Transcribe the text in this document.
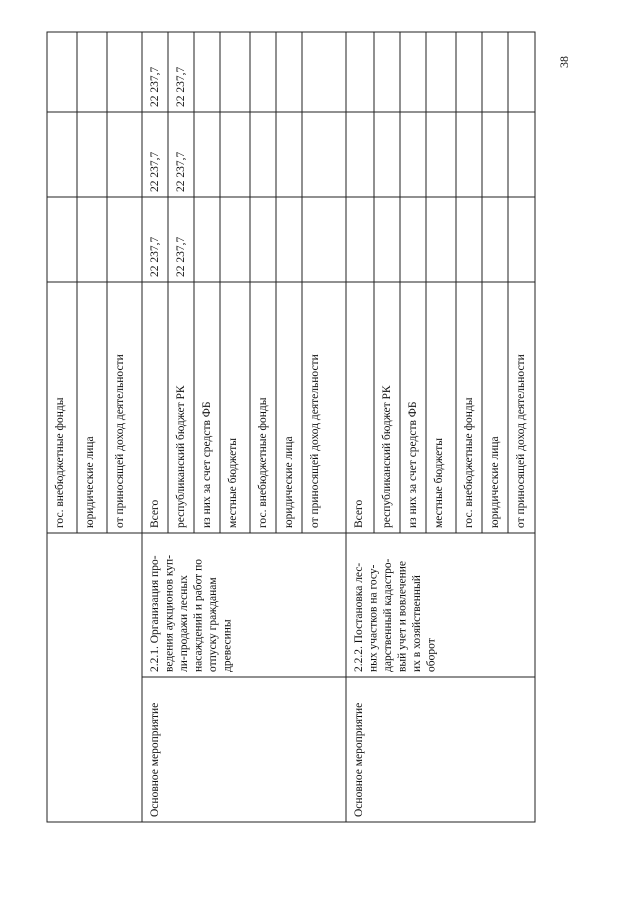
38
гос. внебюджетные фонды юридические лица от приносящей доход деятельности Всего
22 237,7
22 237,7
22 237,7
Основное мероприятие
2.2.1. Организация про- ведения аукционов куп- ли-продажи лесных насаждений и работ по отпуску гражданам древесины
республиканский бюджет РК
22 237,7
22 237,7
22 237,7
из них за счет средств ФБ местные бюджеты гос. внебюджетные фонды юридические лица от приносящей доход деятельности	Всего
Основное мероприятие
2.2.2. Постановка лес- ных участков на госу- дарственный кадастро- вый учет и вовлечение их в хозяйственный оборот
республиканский бюджет РК из них за счет средств ФБ местные бюджеты гос. внебюджетные фонды юридические лица от приносящей доход деятельности
